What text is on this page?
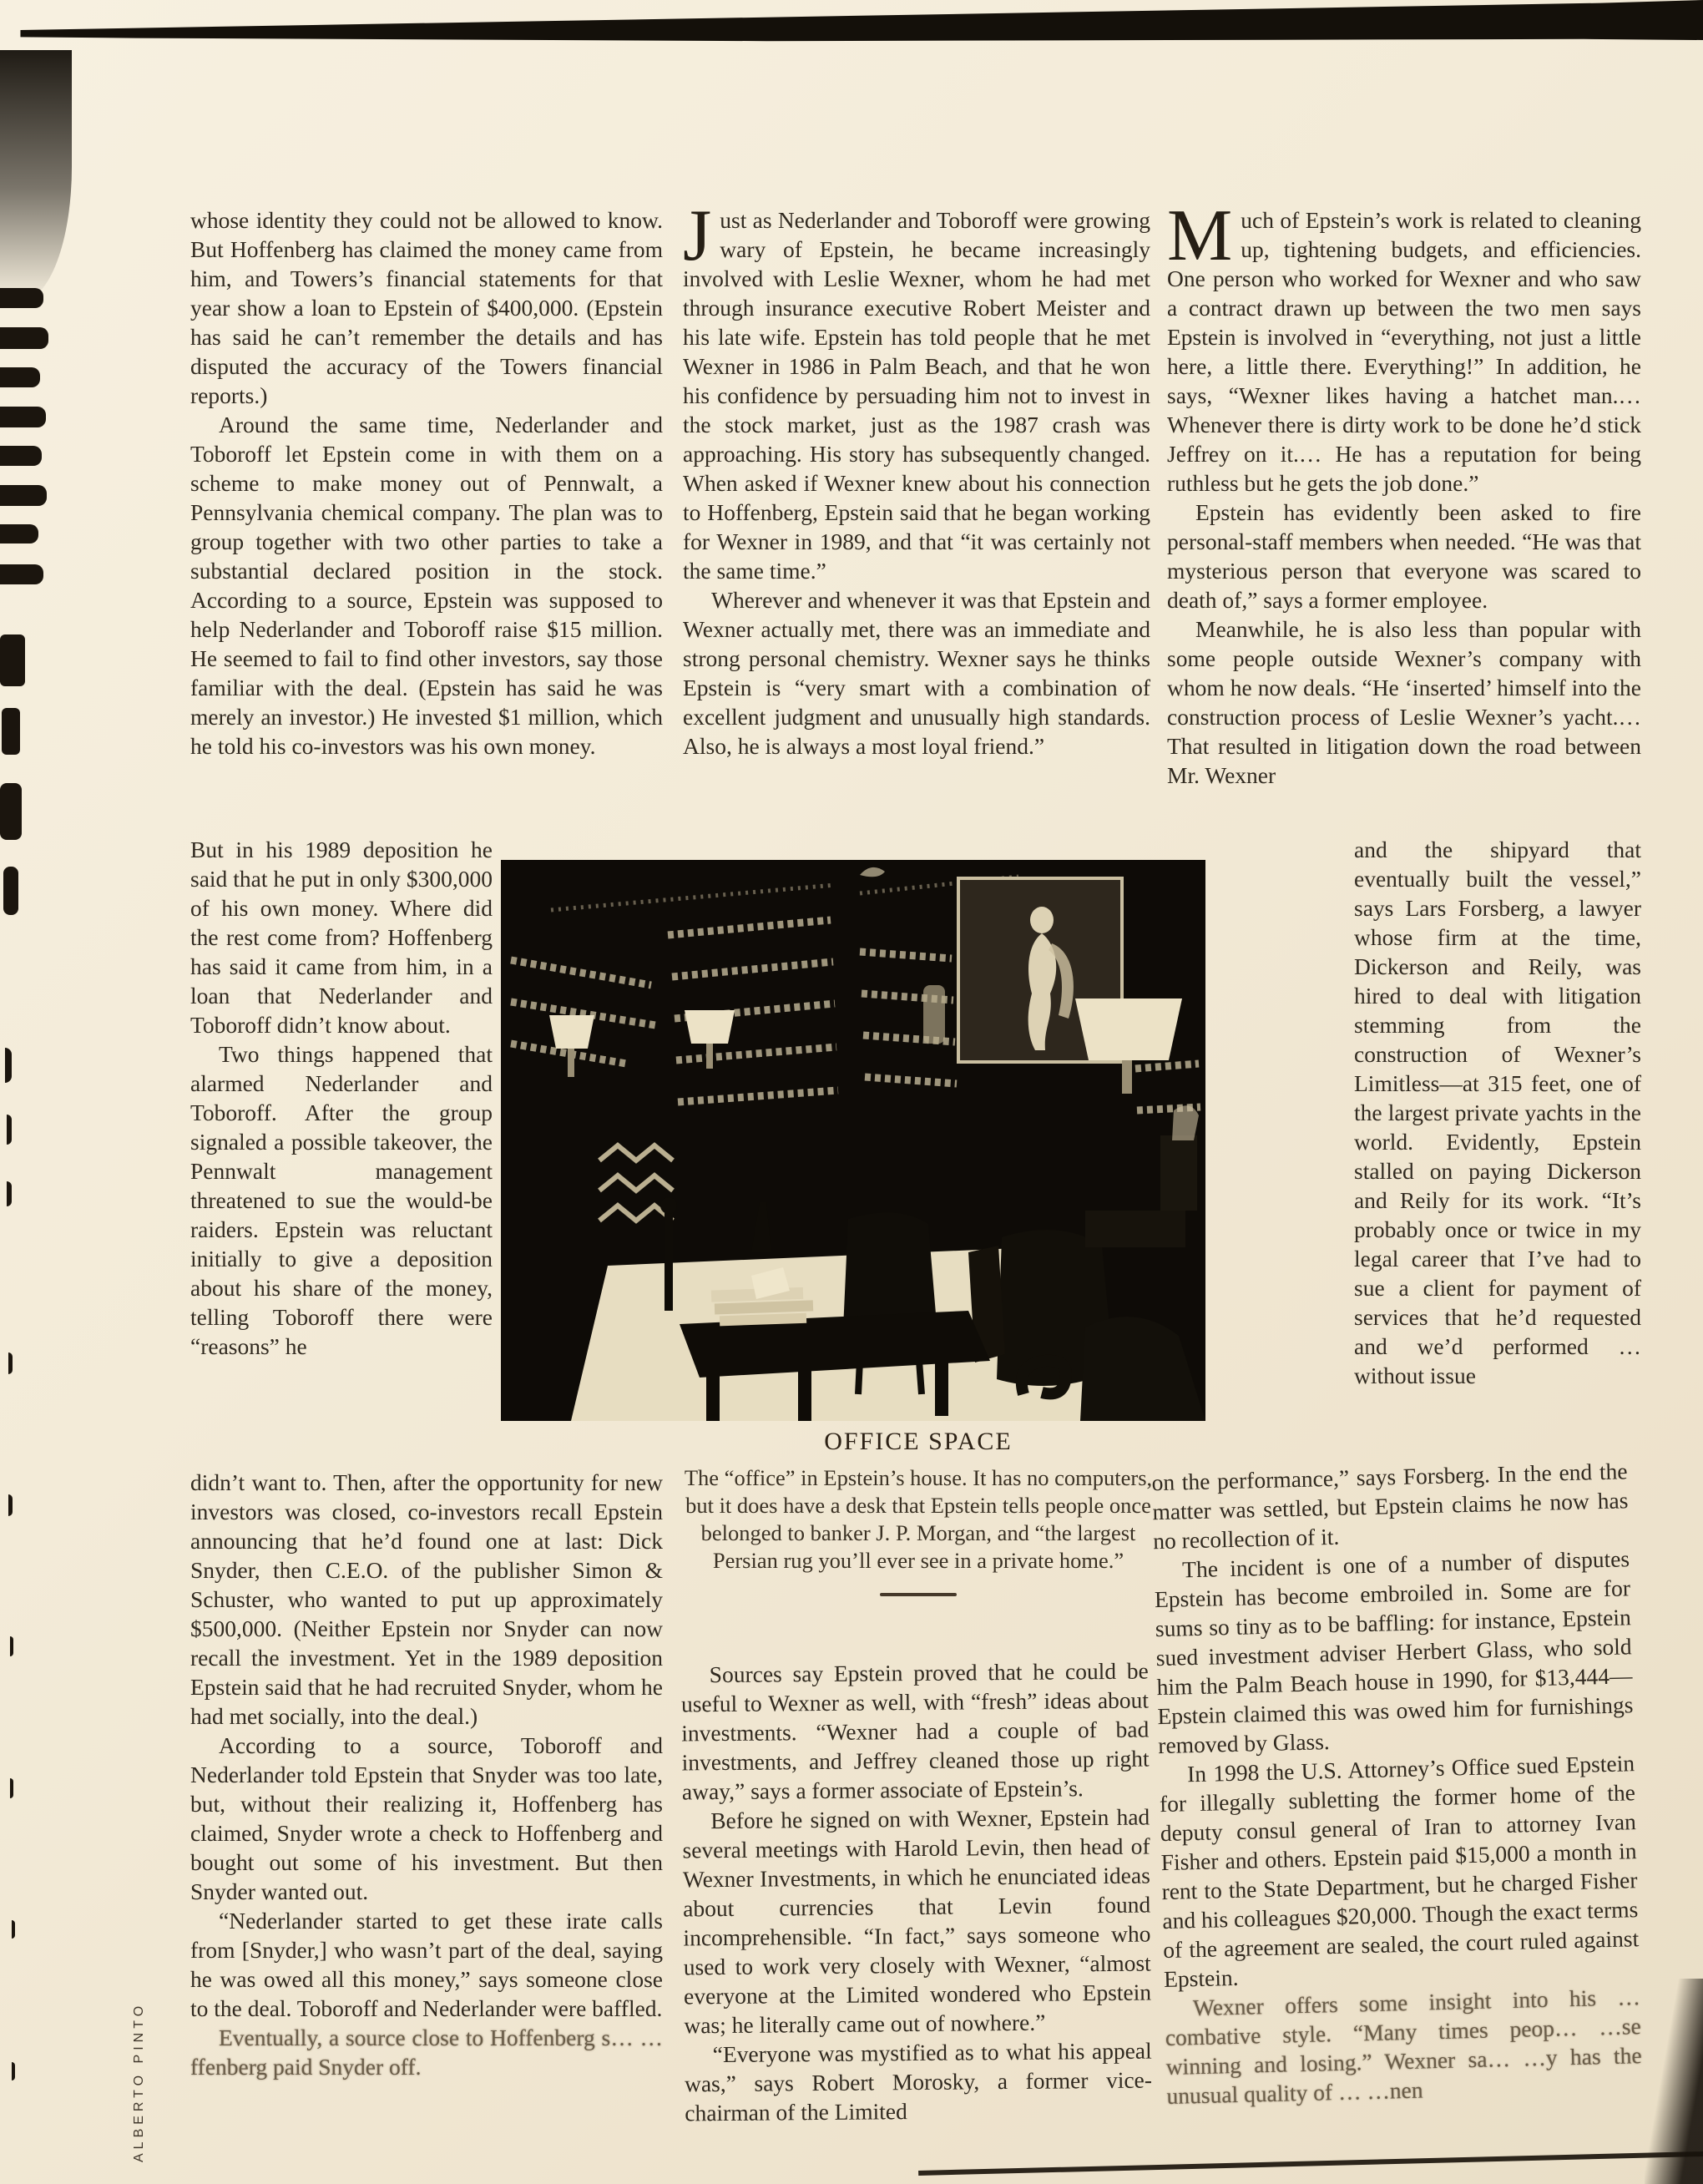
ALBERTO PINTO

whose identity they could not be allowed to know. But Hoffenberg has claimed the money came from him, and Towers’s financial statements for that year show a loan to Epstein of $400,000. (Epstein has said he can’t remember the details and has disputed the accuracy of the Towers financial reports.)

Around the same time, Nederlander and Toboroff let Epstein come in with them on a scheme to make money out of Pennwalt, a Pennsylvania chemical company. The plan was to group together with two other parties to take a substantial declared position in the stock. According to a source, Epstein was supposed to help Nederlander and Toboroff raise $15 million. He seemed to fail to find other investors, say those familiar with the deal. (Epstein has said he was merely an investor.) He invested $1 million, which he told his co-investors was his own money.

But in his 1989 deposition he said that he put in only $300,000 of his own money. Where did the rest come from? Hoffenberg has said it came from him, in a loan that Nederlander and Toboroff didn’t know about.

Two things happened that alarmed Nederlander and Toboroff. After the group signaled a possible takeover, the Pennwalt management threatened to sue the would-be raiders. Epstein was reluctant initially to give a deposition about his share of the money, telling Toboroff there were “reasons” he

didn’t want to. Then, after the opportunity for new investors was closed, co-investors recall Epstein announcing that he’d found one at last: Dick Snyder, then C.E.O. of the publisher Simon & Schuster, who wanted to put up approximately $500,000. (Neither Epstein nor Snyder can now recall the investment. Yet in the 1989 deposition Epstein said that he had recruited Snyder, whom he had met socially, into the deal.)

According to a source, Toboroff and Nederlander told Epstein that Snyder was too late, but, without their realizing it, Hoffenberg has claimed, Snyder wrote a check to Hoffenberg and bought out some of his investment. But then Snyder wanted out.

“Nederlander started to get these irate calls from [Snyder,] who wasn’t part of the deal, saying he was owed all this money,” says someone close to the deal. Toboroff and Nederlander were baffled.

Eventually, a source close to Hoffenberg s… …ffenberg paid Snyder off.

Just as Nederlander and Toboroff were growing wary of Epstein, he became increasingly involved with Leslie Wexner, whom he had met through insurance executive Robert Meister and his late wife. Epstein has told people that he met Wexner in 1986 in Palm Beach, and that he won his confidence by persuading him not to invest in the stock market, just as the 1987 crash was approaching. His story has subsequently changed. When asked if Wexner knew about his connection to Hoffenberg, Epstein said that he began working for Wexner in 1989, and that “it was certainly not the same time.”

Wherever and whenever it was that Epstein and Wexner actually met, there was an immediate and strong personal chemistry. Wexner says he thinks Epstein is “very smart with a combination of excellent judgment and unusually high standards. Also, he is always a most loyal friend.”

OFFICE SPACE
The “office” in Epstein’s house. It has no computers, but it does have a desk that Epstein tells people once belonged to banker J. P. Morgan, and “the largest Persian rug you’ll ever see in a private home.”

Sources say Epstein proved that he could be useful to Wexner as well, with “fresh” ideas about investments. “Wexner had a couple of bad investments, and Jeffrey cleaned those up right away,” says a former associate of Epstein’s.

Before he signed on with Wexner, Epstein had several meetings with Harold Levin, then head of Wexner Investments, in which he enunciated ideas about currencies that Levin found incomprehensible. “In fact,” says someone who used to work very closely with Wexner, “almost everyone at the Limited wondered who Epstein was; he literally came out of nowhere.”

“Everyone was mystified as to what his appeal was,” says Robert Morosky, a former vice-chairman of the Limited

Much of Epstein’s work is related to cleaning up, tightening budgets, and efficiencies. One person who worked for Wexner and who saw a contract drawn up between the two men says Epstein is involved in “everything, not just a little here, a little there. Everything!” In addition, he says, “Wexner likes having a hatchet man.… Whenever there is dirty work to be done he’d stick Jeffrey on it.… He has a reputation for being ruthless but he gets the job done.”

Epstein has evidently been asked to fire personal-staff members when needed. “He was that mysterious person that everyone was scared to death of,” says a former employee.

Meanwhile, he is also less than popular with some people outside Wexner’s company with whom he now deals. “He ‘inserted’ himself into the construction process of Leslie Wexner’s yacht.… That resulted in litigation down the road between Mr. Wexner

and the shipyard that eventually built the vessel,” says Lars Forsberg, a lawyer whose firm at the time, Dickerson and Reily, was hired to deal with litigation stemming from the construction of Wexner’s Limitless—at 315 feet, one of the largest private yachts in the world. Evidently, Epstein stalled on paying Dickerson and Reily for its work. “It’s probably once or twice in my legal career that I’ve had to sue a client for payment of services that he’d requested and we’d performed … without issue

on the performance,” says Forsberg. In the end the matter was settled, but Epstein claims he now has no recollection of it.

The incident is one of a number of disputes Epstein has become embroiled in. Some are for sums so tiny as to be baffling: for instance, Epstein sued investment adviser Herbert Glass, who sold him the Palm Beach house in 1990, for $13,444—Epstein claimed this was owed him for furnishings removed by Glass.

In 1998 the U.S. Attorney’s Office sued Epstein for illegally subletting the former home of the deputy consul general of Iran to attorney Ivan Fisher and others. Epstein paid $15,000 a month in rent to the State Department, but he charged Fisher and his colleagues $20,000. Though the exact terms of the agreement are sealed, the court ruled against Epstein.

Wexner offers some insight into his … combative style. “Many times peop… …se winning and losing.” Wexner sa… …y has the unusual quality of … …nen
